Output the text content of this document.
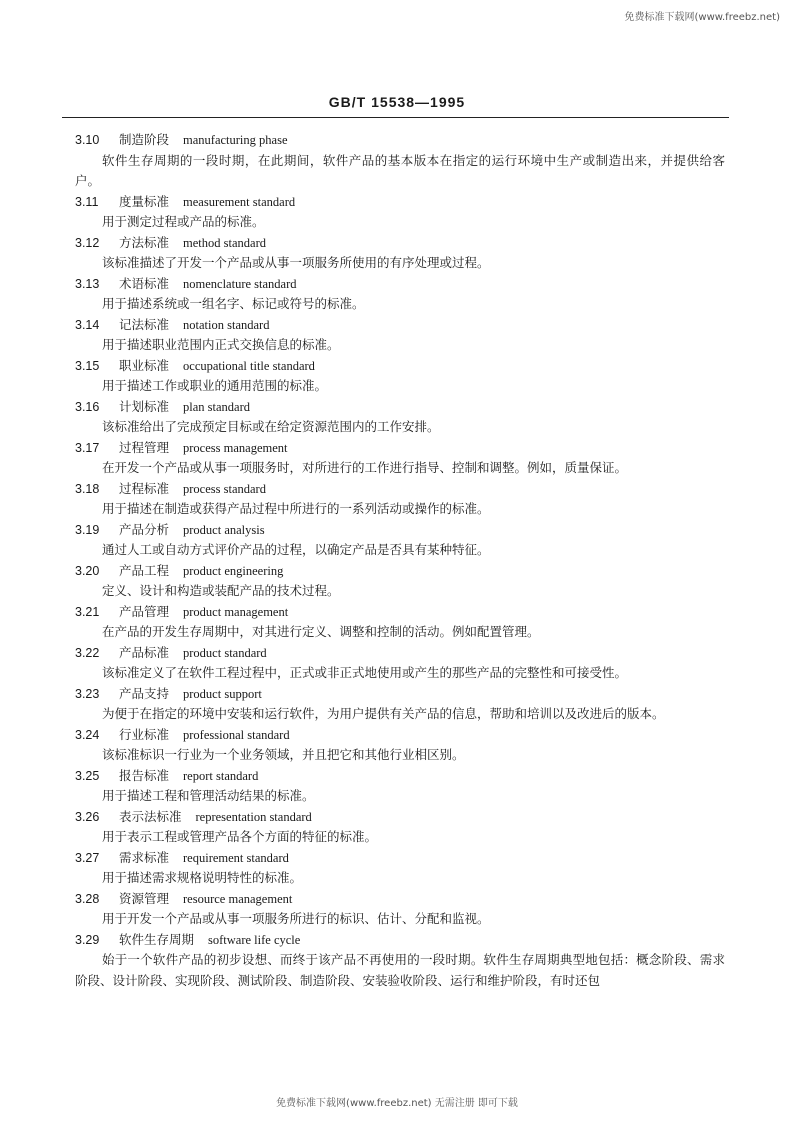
免费标准下载网(www.freebz.net)
GB/T 15538—1995
3.10 制造阶段 manufacturing phase

软件生存周期的一段时期，在此期间，软件产品的基本版本在指定的运行环境中生产或制造出来，并提供给客户。

3.11 度量标准 measurement standard

用于测定过程或产品的标准。

3.12 方法标准 method standard

该标准描述了开发一个产品或从事一项服务所使用的有序处理或过程。

3.13 术语标准 nomenclature standard

用于描述系统或一组名字、标记或符号的标准。

3.14 记法标准 notation standard

用于描述职业范围内正式交换信息的标准。

3.15 职业标准 occupational title standard

用于描述工作或职业的通用范围的标准。

3.16 计划标准 plan standard

该标准给出了完成预定目标或在给定资源范围内的工作安排。

3.17 过程管理 process management

在开发一个产品或从事一项服务时，对所进行的工作进行指导、控制和调整。例如，质量保证。

3.18 过程标准 process standard

用于描述在制造或获得产品过程中所进行的一系列活动或操作的标准。

3.19 产品分析 product analysis

通过人工或自动方式评价产品的过程，以确定产品是否具有某种特征。

3.20 产品工程 product engineering

定义、设计和构造或装配产品的技术过程。

3.21 产品管理 product management

在产品的开发生存周期中，对其进行定义、调整和控制的活动。例如配置管理。

3.22 产品标准 product standard

该标准定义了在软件工程过程中，正式或非正式地使用或产生的那些产品的完整性和可接受性。

3.23 产品支持 product support

为便于在指定的环境中安装和运行软件，为用户提供有关产品的信息，帮助和培训以及改进后的版本。

3.24 行业标准 professional standard

该标准标识一行业为一个业务领域，并且把它和其他行业相区别。

3.25 报告标准 report standard

用于描述工程和管理活动结果的标准。

3.26 表示法标准 representation standard

用于表示工程或管理产品各个方面的特征的标准。

3.27 需求标准 requirement standard

用于描述需求规格说明特性的标准。

3.28 资源管理 resource management

用于开发一个产品或从事一项服务所进行的标识、估计、分配和监视。

3.29 软件生存周期 software life cycle

始于一个软件产品的初步设想、而终于该产品不再使用的一段时期。软件生存周期典型地包括：概念阶段、需求阶段、设计阶段、实现阶段、测试阶段、制造阶段、安装验收阶段、运行和维护阶段，有时还包

免费标准下载网(www.freebz.net) 无需注册 即可下载
